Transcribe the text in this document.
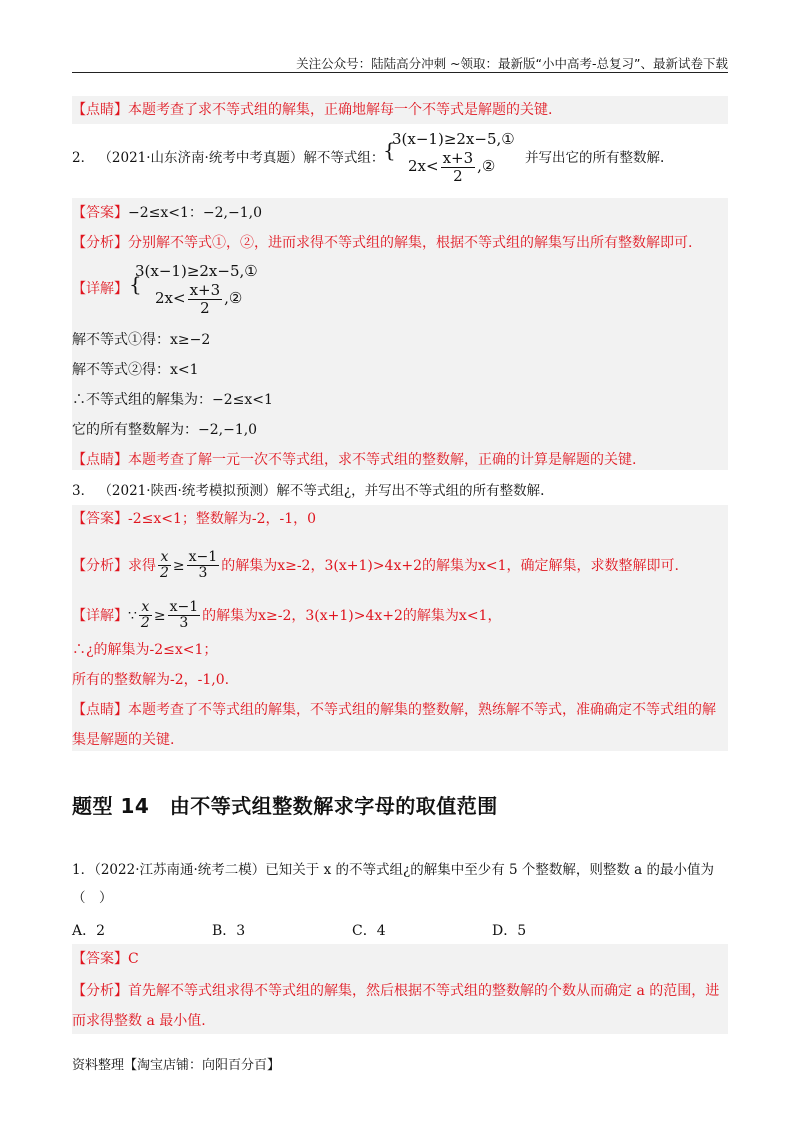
关注公众号：陆陆高分冲刺 ~领取：最新版“小中高考-总复习”、最新试卷下载
【点睛】本题考查了求不等式组的解集，正确地解每一个不等式是解题的关键.
2． （2021·山东济南·统考中考真题）解不等式组：
{
3(x−1)≥2x−5,①
$2x< \frac{x+3}{2}$ ,② 并写出它的所有整数解.
【答案】−2≤x<1：−2,−1,0
【分析】分别解不等式①，②，进而求得不等式组的解集，根据不等式组的解集写出所有整数解即可.
【详解】 {
3(x−1)≥2x−5,①
$2x< \frac{x+3}{2}$ ,②
解不等式①得：x≥−2
解不等式②得：x<1
∴不等式组的解集为：−2≤x<1
它的所有整数解为：−2,−1,0
【点睛】本题考查了解一元一次不等式组，求不等式组的整数解，正确的计算是解题的关键.
3． （2021·陕西·统考模拟预测）解不等式组¿，并写出不等式组的所有整数解.
【答案】-2≤x<1；整数解为-2，-1，0
【分析】求得 $\frac{x}{2} \ge \frac{x-1}{3}$ 的解集为x≥-2，3(x+1)>4x+2的解集为x<1，确定解集，求数整解即可.
【详解】∵ $\frac{x}{2} \ge \frac{x-1}{3}$ 的解集为x≥-2，3(x+1)>4x+2的解集为x<1，
∴¿的解集为-2≤x<1；
所有的整数解为-2，-1,0.
【点睛】本题考查了不等式组的解集，不等式组的解集的整数解，熟练解不等式，准确确定不等式组的解
集是解题的关键.
题型 14　由不等式组整数解求字母的取值范围
1．（2022·江苏南通·统考二模）已知关于 x 的不等式组¿的解集中至少有 5 个整数解，则整数 a 的最小值为
（　）
A．2	B．3	C．4	D．5
【答案】C
【分析】首先解不等式组求得不等式组的解集，然后根据不等式组的整数解的个数从而确定 a 的范围，进
而求得整数 a 最小值.
资料整理【淘宝店铺：向阳百分百】
